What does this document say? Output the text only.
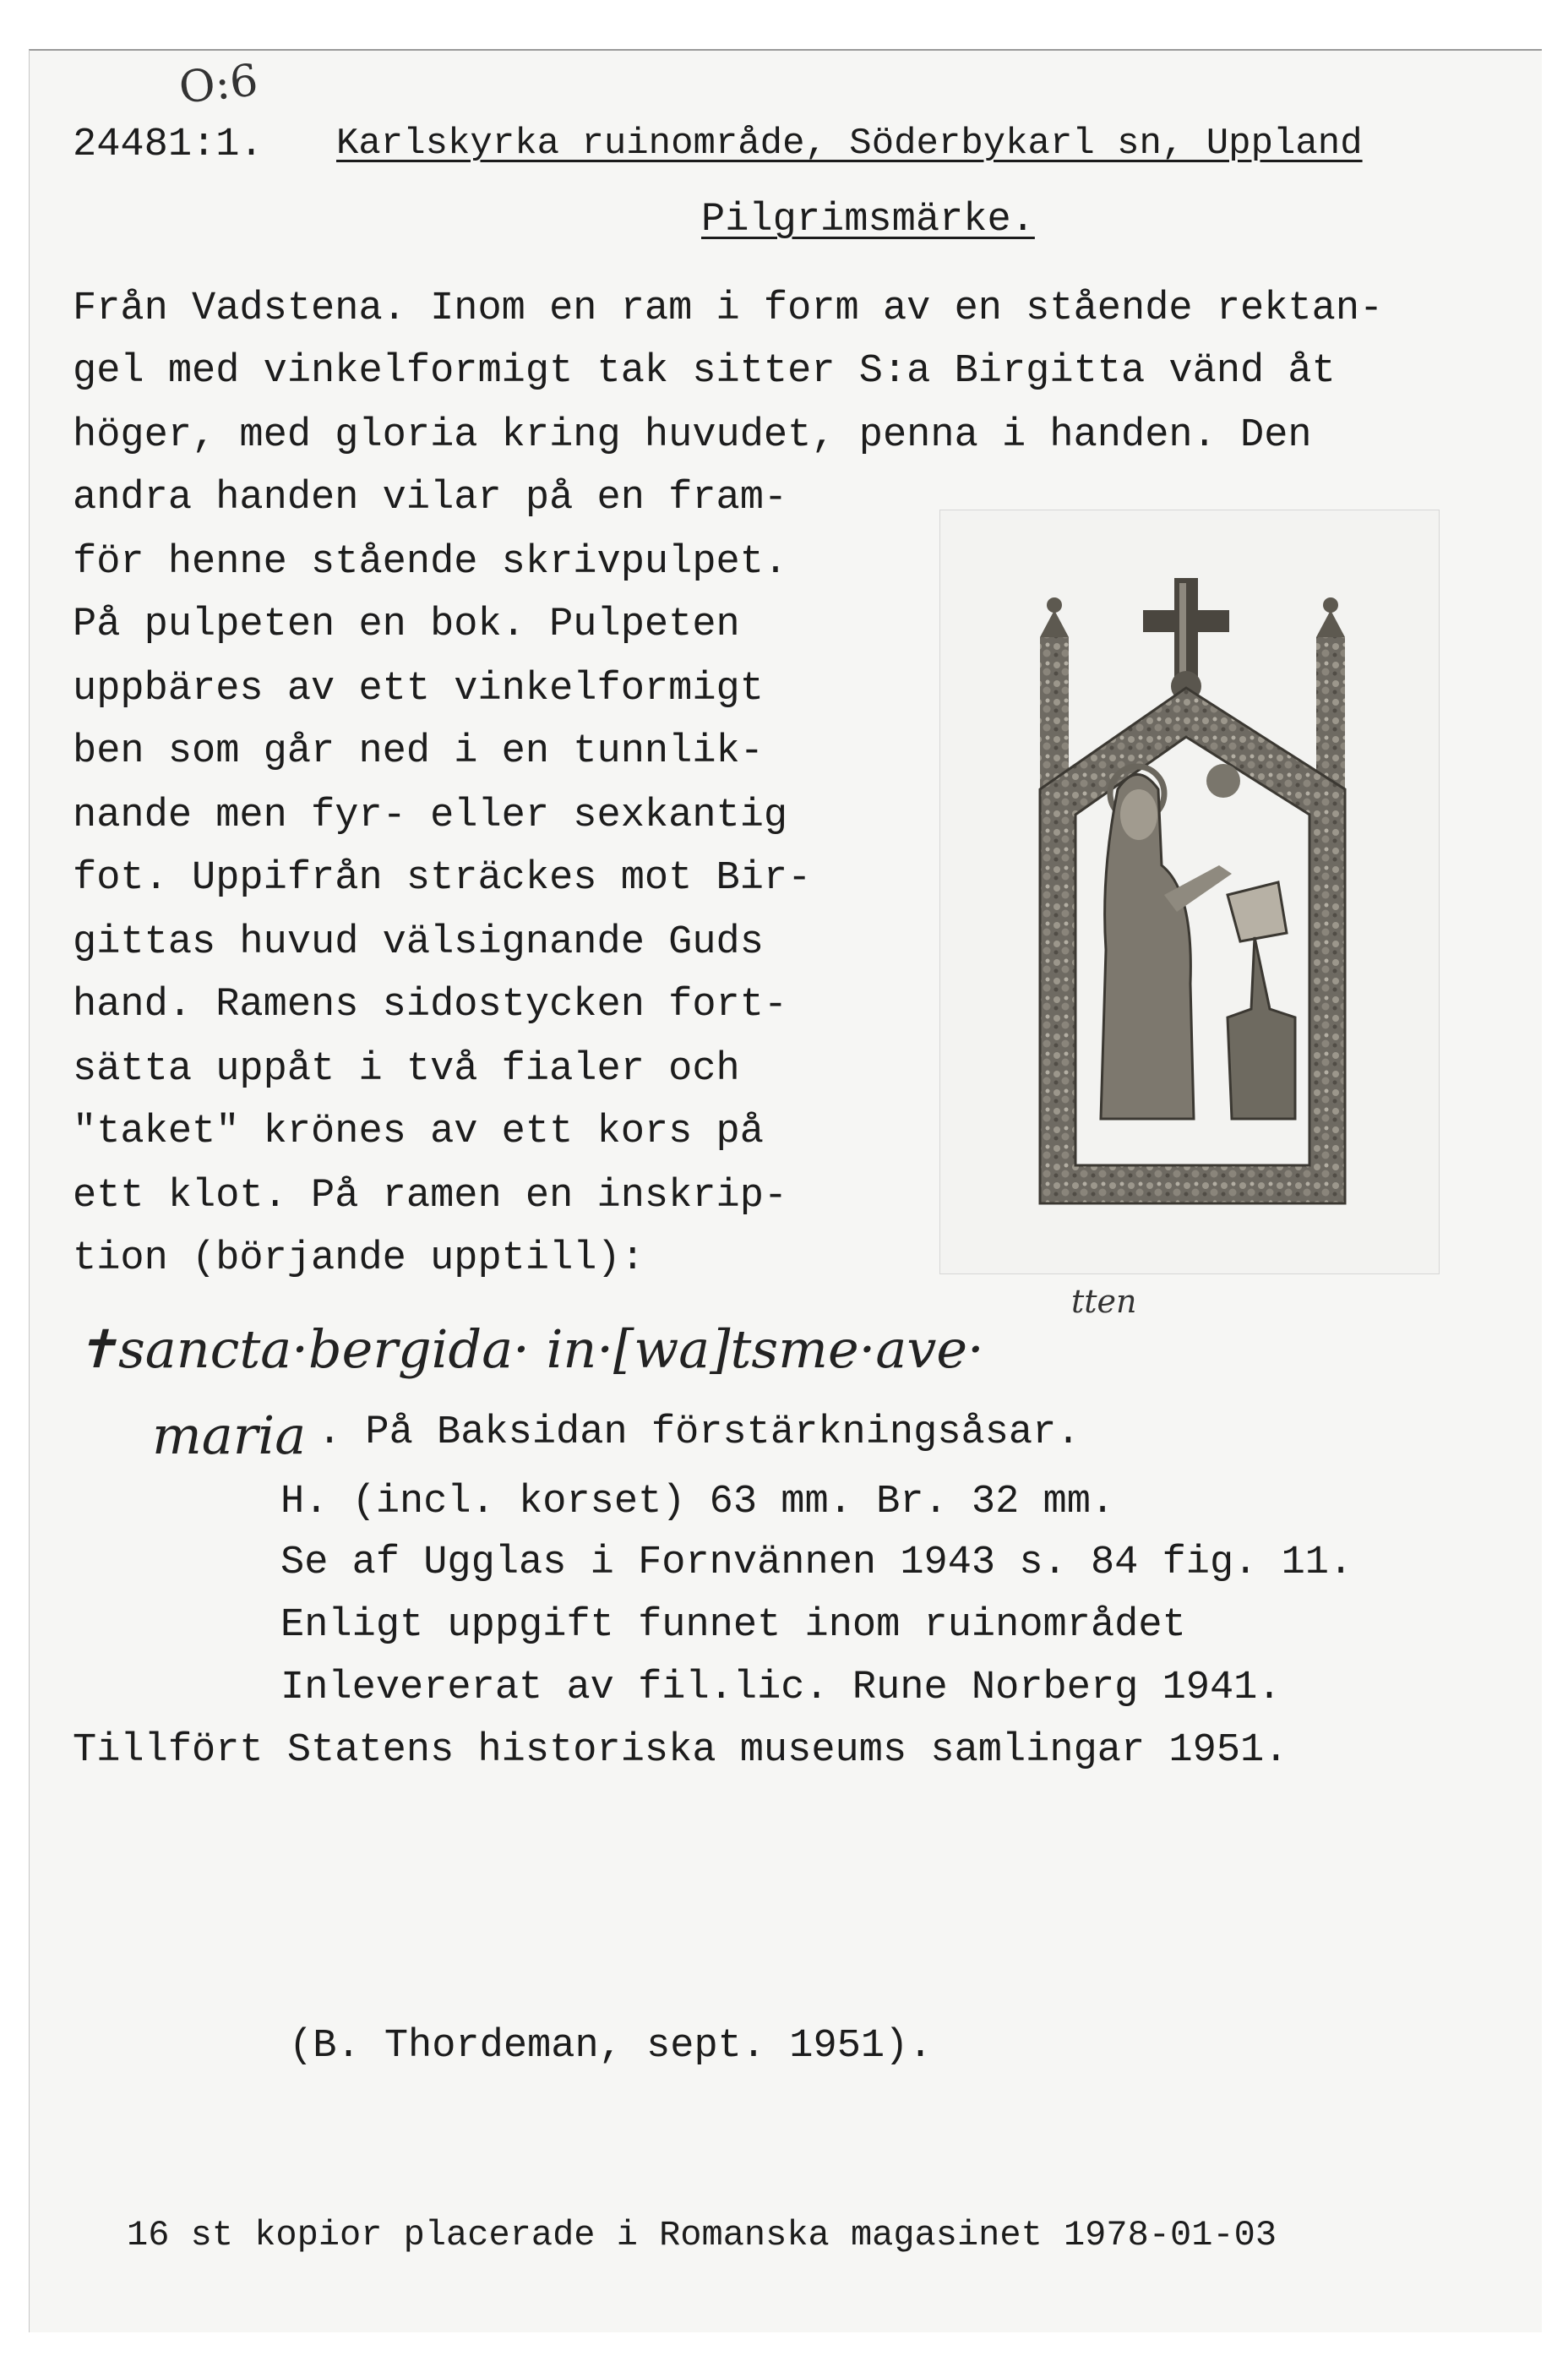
O:6
24481:1. Karlskyrka ruinområde, Söderbykarl sn, Uppland
Pilgrimsmärke.
Från Vadstena. Inom en ram i form av en stående rektan-
gel med vinkelformigt tak sitter S:a Birgitta vänd åt
höger, med gloria kring huvudet, penna i handen. Den
andra handen vilar på en fram-
för henne stående skrivpulpet.
På pulpeten en bok. Pulpeten
uppbäres av ett vinkelformigt
ben som går ned i en tunnlik-
nande men fyr- eller sexkantig
fot. Uppifrån sträckes mot Bir-
gittas huvud välsignande Guds
hand. Ramens sidostycken fort-
sätta uppåt i två fialer och
"taket" krönes av ett kors på
ett klot. På ramen en inskrip-
tion (börjande upptill):
✝sancta·bergida· in·[wa]tsme·ave·
tten
maria . På Baksidan förstärkningsåsar.
H. (incl. korset) 63 mm. Br. 32 mm.
Se af Ugglas i Fornvännen 1943 s. 84 fig. 11.
Enligt uppgift funnet inom ruinområdet
Inlevererat av fil.lic. Rune Norberg 1941.
Tillfört Statens historiska museums samlingar 1951.
(B. Thordeman, sept. 1951).
16 st kopior placerade i Romanska magasinet 1978-01-03
